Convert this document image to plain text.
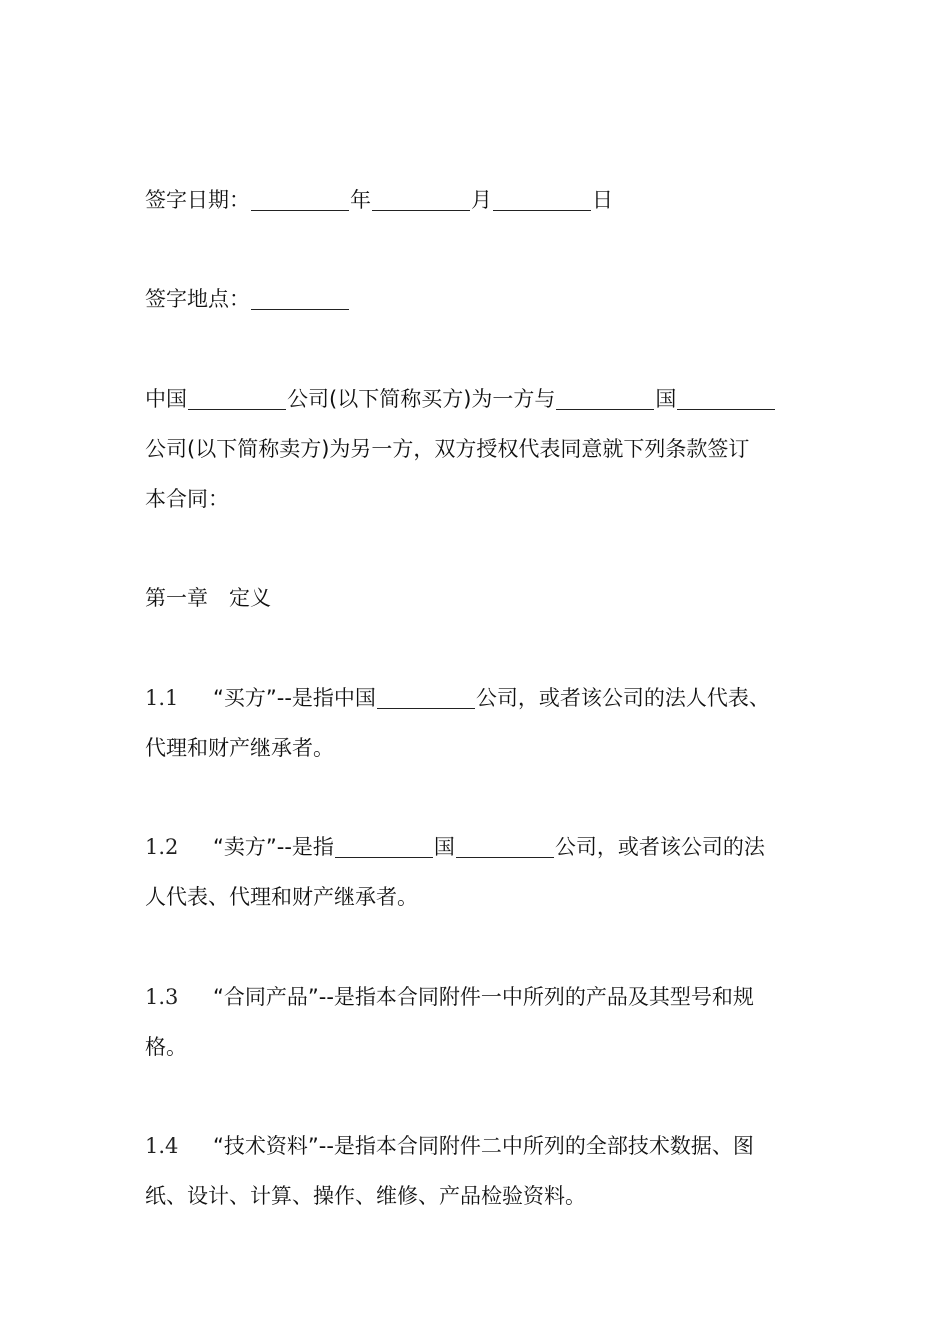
签字日期：	年	月	日
签字地点：
中国	公司(以下简称买方)为一方与	国
公司(以下简称卖方)为另一方，双方授权代表同意就下列条款签订
本合同：
第一章　定义
1.1 “买方”--是指中国	公司，或者该公司的法人代表、
代理和财产继承者。
1.2 “卖方”--是指	国	公司，或者该公司的法
人代表、代理和财产继承者。
1.3 “合同产品”--是指本合同附件一中所列的产品及其型号和规
格。
1.4 “技术资料”--是指本合同附件二中所列的全部技术数据、图
纸、设计、计算、操作、维修、产品检验资料。
